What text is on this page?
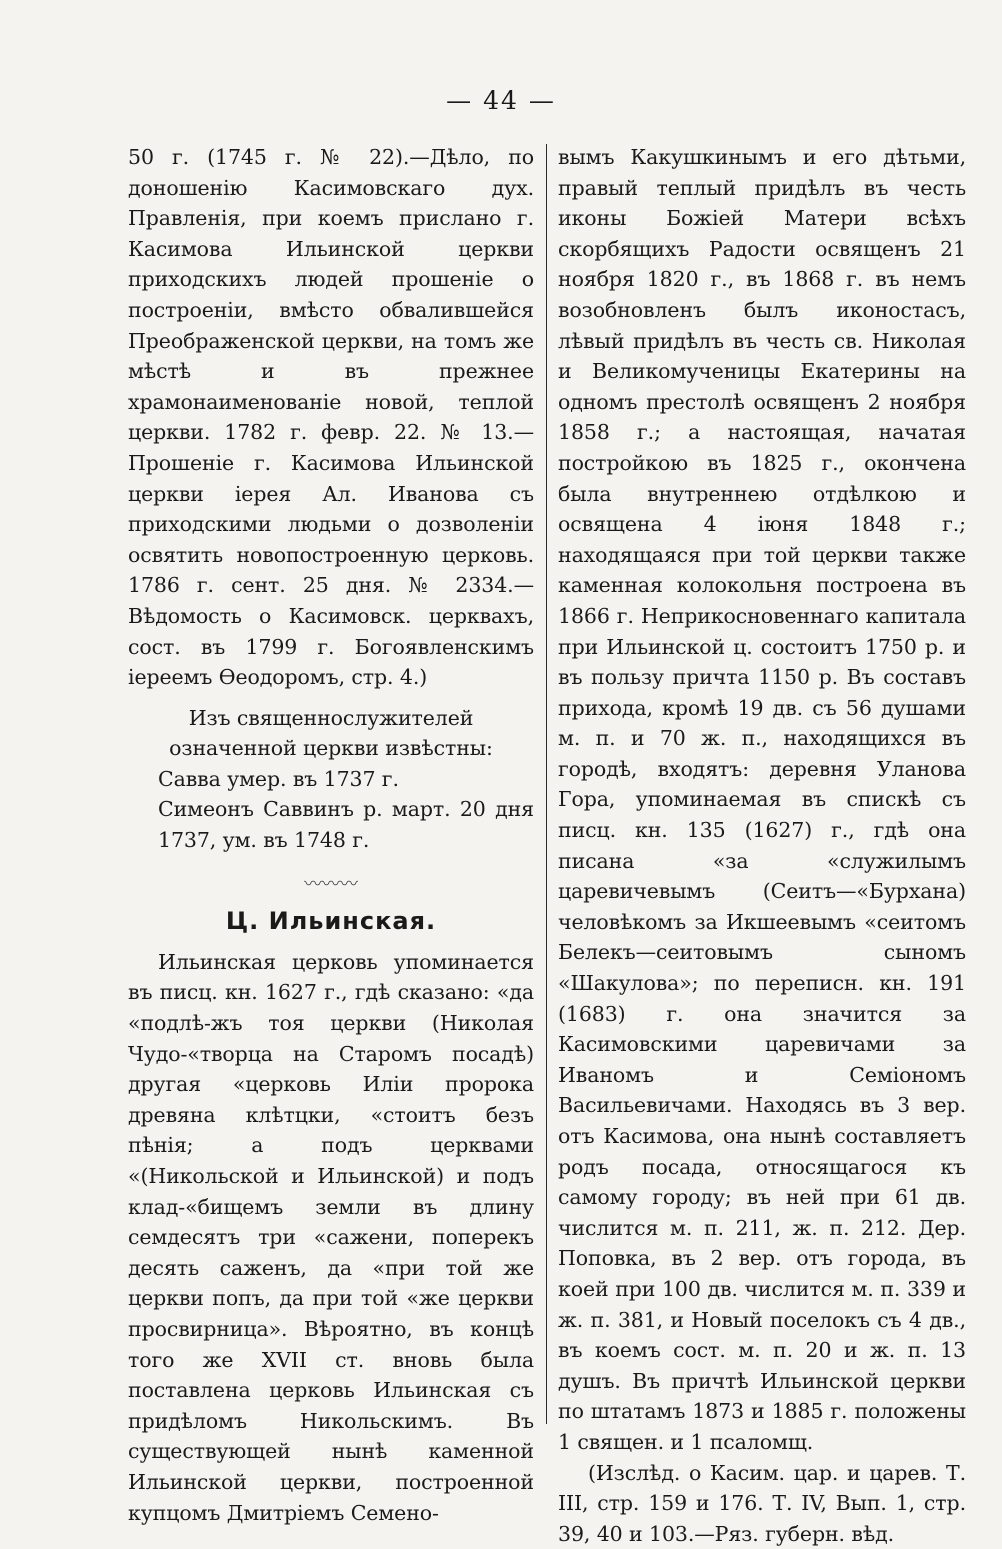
— 44 —

50 г. (1745 г. № 22).—Дѣло, по доношенію Касимовскаго дух. Правленія, при коемъ прислано г. Касимова Ильинской церкви приходскихъ людей прошеніе о построеніи, вмѣсто обвалившейся Преображенской церкви, на томъ же мѣстѣ и въ прежнее храмонаименованіе новой, теплой церкви. 1782 г. февр. 22. № 13.—Прошеніе г. Касимова Ильинской церкви іерея Ал. Иванова съ приходскими людьми о дозволеніи освятить новопостроенную церковь. 1786 г. сент. 25 дня. № 2334.—Вѣдомость о Касимовск. церквахъ, сост. въ 1799 г. Богоявленскимъ іереемъ Ѳеодоромъ, стр. 4.)

Изъ священнослужителей означенной церкви извѣстны:

Савва умер. въ 1737 г.

Симеонъ Саввинъ р. март. 20 дня 1737, ум. въ 1748 г.

〰〰〰
Ц. Ильинская.

Ильинская церковь упоминается въ писц. кн. 1627 г., гдѣ сказано: «да «подлѣ-жъ тоя церкви (Николая Чудо-«творца на Старомъ посадѣ) другая «церковь Иліи пророка древяна клѣтцки, «стоитъ безъ пѣнія; а подъ церквами «(Никольской и Ильинской) и подъ клад-«бищемъ земли въ длину семдесятъ три «сажени, поперекъ десять саженъ, да «при той же церкви попъ, да при той «же церкви просвирница». Вѣроятно, въ концѣ того же XVII ст. вновь была поставлена церковь Ильинская съ придѣломъ Никольскимъ. Въ существующей нынѣ каменной Ильинской церкви, построенной купцомъ Дмитріемъ Семено-

вымъ Какушкинымъ и его дѣтьми, правый теплый придѣлъ въ честь иконы Божіей Матери всѣхъ скорбящихъ Радости освященъ 21 ноября 1820 г., въ 1868 г. въ немъ возобновленъ былъ иконостасъ, лѣвый придѣлъ въ честь св. Николая и Великомученицы Екатерины на одномъ престолѣ освященъ 2 ноября 1858 г.; а настоящая, начатая постройкою въ 1825 г., окончена была внутреннею отдѣлкою и освящена 4 іюня 1848 г.; находящаяся при той церкви также каменная колокольня построена въ 1866 г. Неприкосновеннаго капитала при Ильинской ц. состоитъ 1750 р. и въ пользу причта 1150 р. Въ составъ прихода, кромѣ 19 дв. съ 56 душами м. п. и 70 ж. п., находящихся въ городѣ, входятъ: деревня Уланова Гора, упоминаемая въ спискѣ съ писц. кн. 135 (1627) г., гдѣ она писана «за «служилымъ царевичевымъ (Сеитъ—«Бурхана) человѣкомъ за Икшеевымъ «сеитомъ Белекъ—сеитовымъ сыномъ «Шакулова»; по переписн. кн. 191 (1683) г. она значится за Касимовскими царевичами за Иваномъ и Семіономъ Васильевичами. Находясь въ 3 вер. отъ Касимова, она нынѣ составляетъ родъ посада, относящагося къ самому городу; въ ней при 61 дв. числится м. п. 211, ж. п. 212. Дер. Поповка, въ 2 вер. отъ города, въ коей при 100 дв. числится м. п. 339 и ж. п. 381, и Новый поселокъ съ 4 дв., въ коемъ сост. м. п. 20 и ж. п. 13 душъ. Въ причтѣ Ильинской церкви по штатамъ 1873 и 1885 г. положены 1 священ. и 1 псаломщ.

(Изслѣд. о Касим. цар. и царев. Т. III, стр. 159 и 176. Т. IV, Вып. 1, стр. 39, 40 и 103.—Ряз. губерн. вѣд.
